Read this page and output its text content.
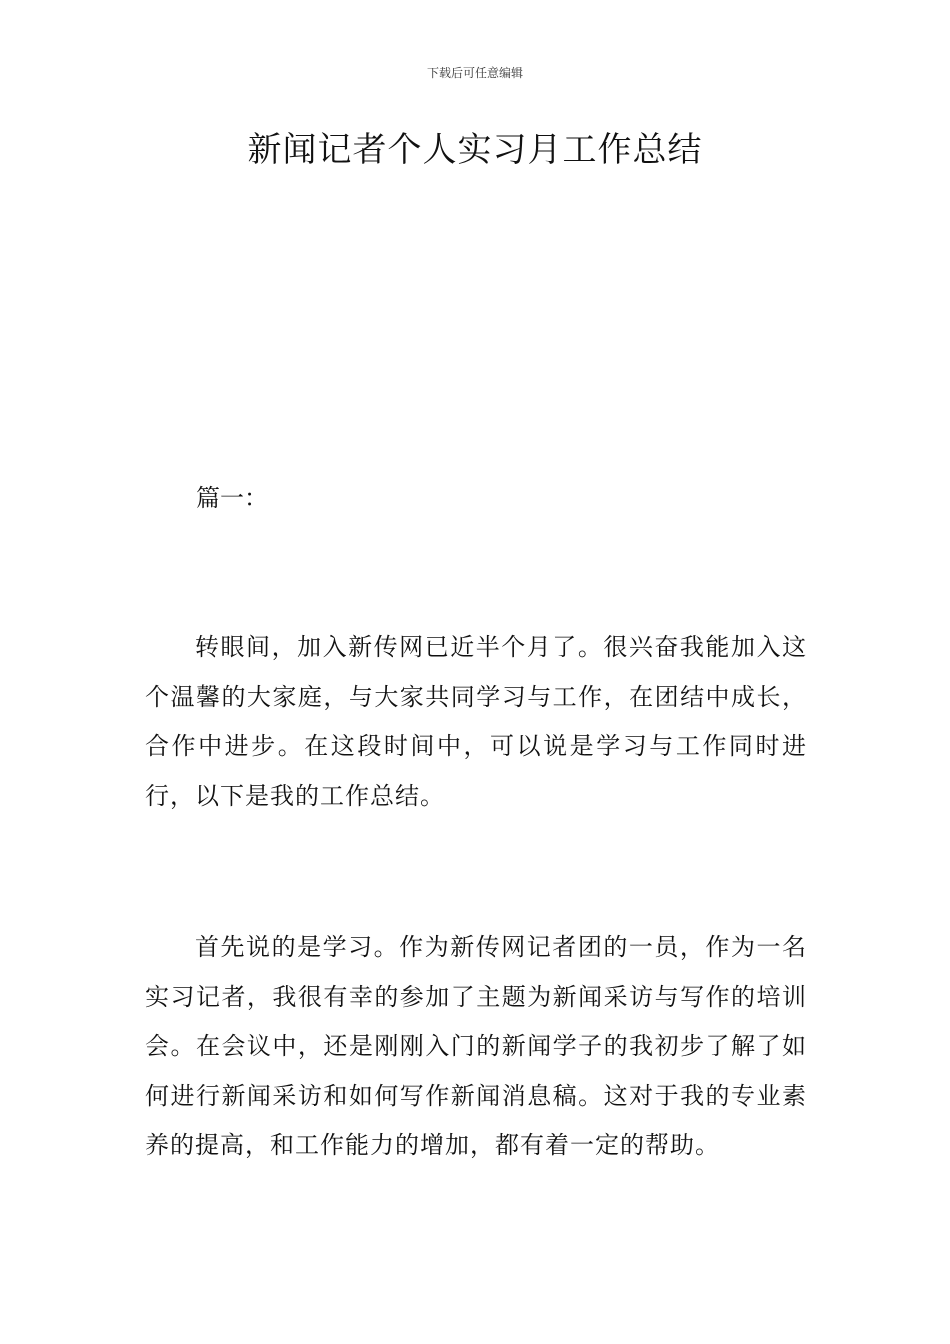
下载后可任意编辑
新闻记者个人实习月工作总结
篇一：

转眼间，加入新传网已近半个月了。很兴奋我能加入这个温馨的大家庭，与大家共同学习与工作，在团结中成长，合作中进步。在这段时间中，可以说是学习与工作同时进行，以下是我的工作总结。

首先说的是学习。作为新传网记者团的一员，作为一名实习记者，我很有幸的参加了主题为新闻采访与写作的培训会。在会议中，还是刚刚入门的新闻学子的我初步了解了如何进行新闻采访和如何写作新闻消息稿。这对于我的专业素养的提高，和工作能力的增加，都有着一定的帮助。
